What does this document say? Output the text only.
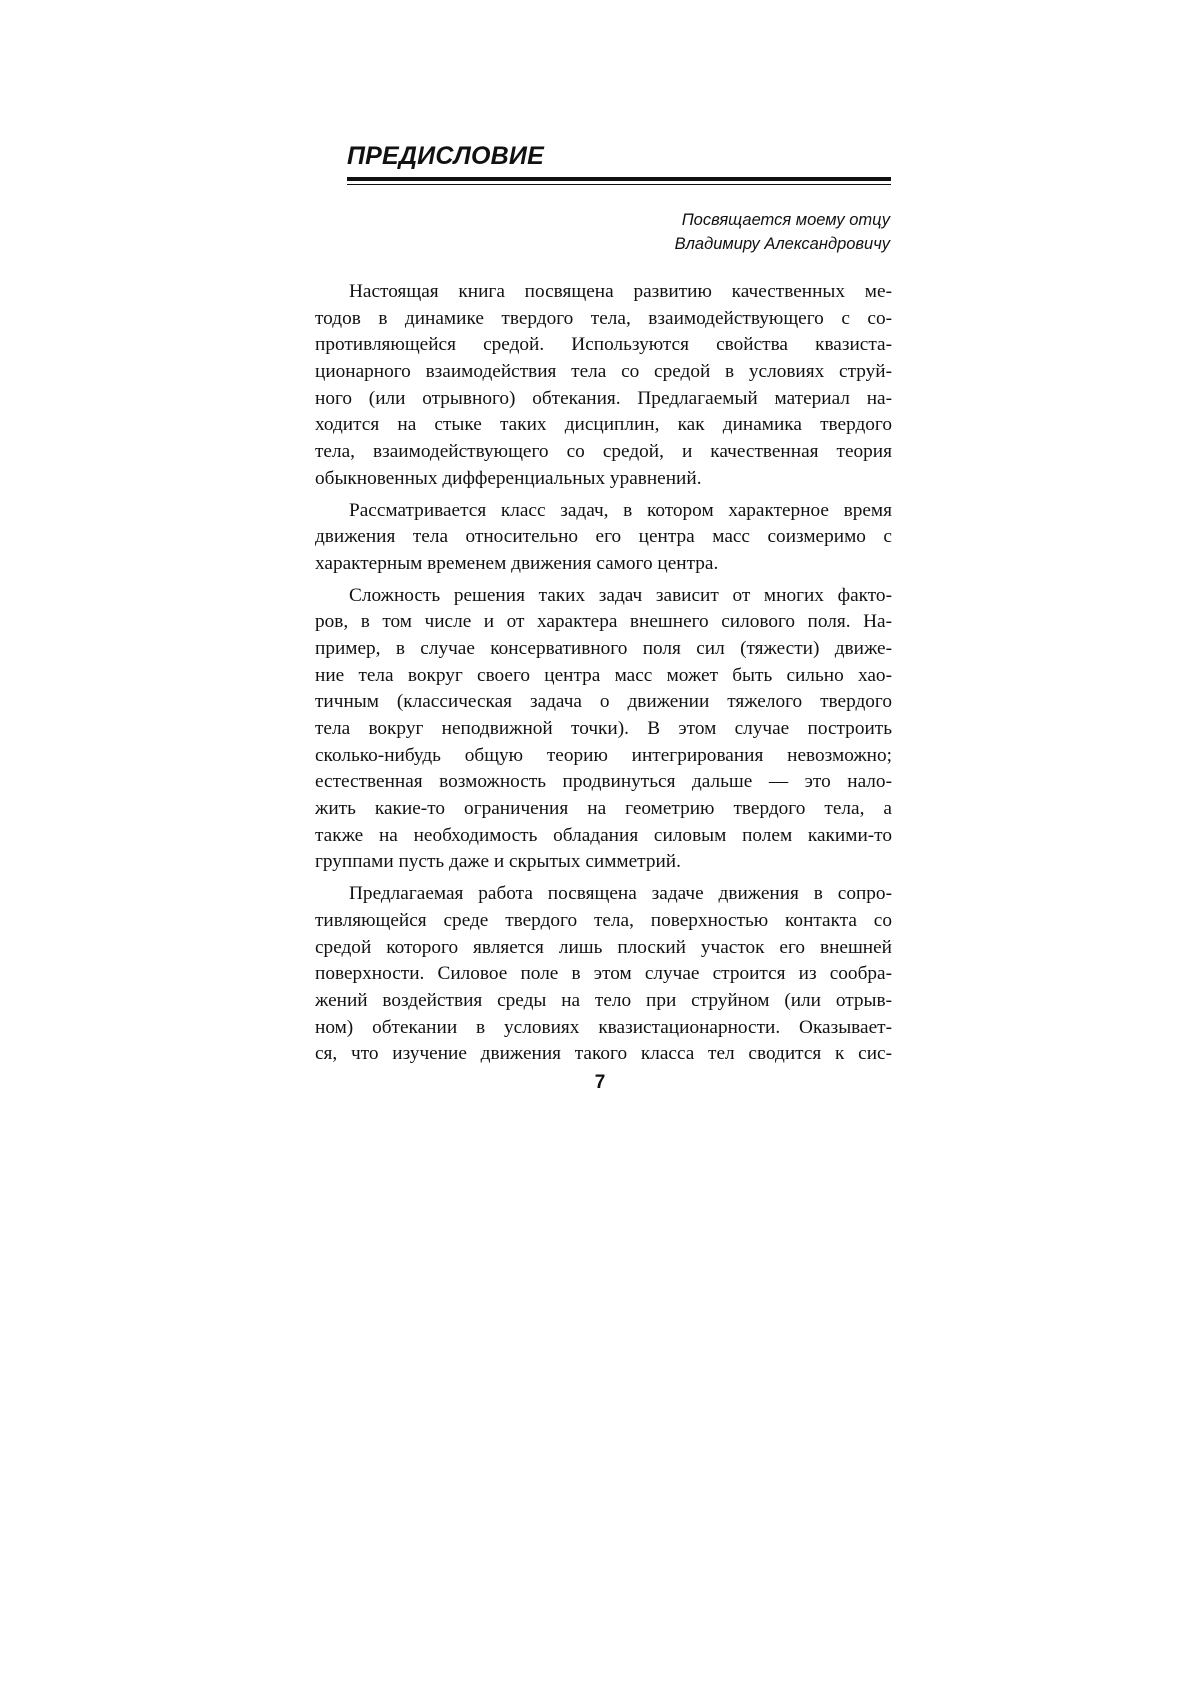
ПРЕДИСЛОВИЕ
Посвящается моему отцу
Владимиру Александровичу

Настоящая книга посвящена развитию качественных ме-
тодов в динамике твердого тела, взаимодействующего с со-
противляющейся средой. Используются свойства квазиста-
ционарного взаимодействия тела со средой в условиях струй-
ного (или отрывного) обтекания. Предлагаемый материал на-
ходится на стыке таких дисциплин, как динамика твердого
тела, взаимодействующего со средой, и качественная теория
обыкновенных дифференциальных уравнений.

Рассматривается класс задач, в котором характерное время
движения тела относительно его центра масс соизмеримо с
характерным временем движения самого центра.

Сложность решения таких задач зависит от многих факто-
ров, в том числе и от характера внешнего силового поля. На-
пример, в случае консервативного поля сил (тяжести) движе-
ние тела вокруг своего центра масс может быть сильно хао-
тичным (классическая задача о движении тяжелого твердого
тела вокруг неподвижной точки). В этом случае построить
сколько-нибудь общую теорию интегрирования невозможно;
естественная возможность продвинуться дальше — это нало-
жить какие-то ограничения на геометрию твердого тела, а
также на необходимость обладания силовым полем какими-то
группами пусть даже и скрытых симметрий.

Предлагаемая работа посвящена задаче движения в сопро-
тивляющейся среде твердого тела, поверхностью контакта со
средой которого является лишь плоский участок его внешней
поверхности. Силовое поле в этом случае строится из сообра-
жений воздействия среды на тело при струйном (или отрыв-
ном) обтекании в условиях квазистационарности. Оказывает-
ся, что изучение движения такого класса тел сводится к сис-

7
